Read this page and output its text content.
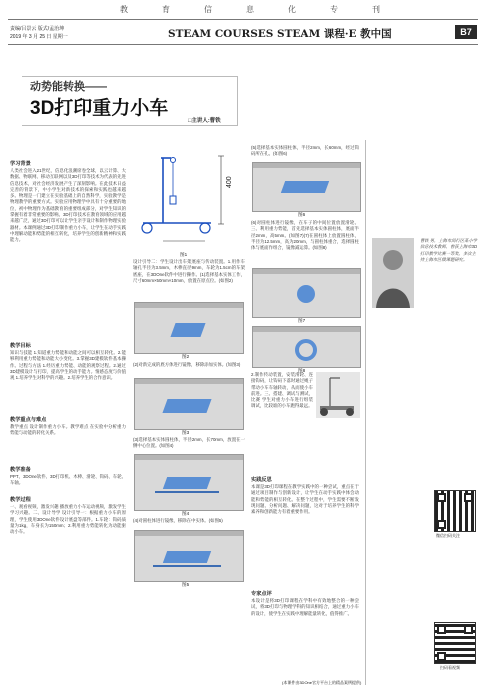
教	育	信	息	化	专	刊
责编/吕景云 版式/孟治坤
2019 年 3 月 25 日 星期一	STEAM COURSES STEAM 课程·E 教中国	B7
动势能转换——
3D打印重力小车
□主讲人:曹铁
学习背景
人类社会进入21世纪，信息化浪潮席卷全球，以云计算、大数据、物联网、移动互联网以及3D打印等技术为代表的先进信息技术，对社会经济发展产生了深刻影响。在此技术日益完善的背景下，中小学生对新技术的探索和实践也越来越多。物理是一门建立在实验基础上的自然科学，实验教学是物理教学的重要方式。实验应用物理学中具有十分重要的地位，初中物理作为基础教育的重要组成部分，对学生知识的掌握有着非常重要的影响。3D打印技术在教育领域的应用越来越广泛，通过3D打印可以让学生亲手设计和制作物理实验器材。本课例通过3D打印制作重力小车，让学生在动手实践中理解动能和势能的相互转化，培养学生的创新精神和实践能力。
教学目标
知识与技能 1.知道重力势能和动能之间可以相互转化。2.能够利用重力势能和动能大小变化。3.掌握3D建模软件基本操作。过程与方法 1.经历重力势能、动能的观察过程。2.通过3D建模设计与打印，提高学生的动手能力。情感态度与价值观 1.培养学生对科学的兴趣。2.培养学生的合作意识。
教学重点与难点
教学重点 设计制作重力小车。教学难点 在实验中分析重力势能与动能的转化关系。
教学准备
PPT、3DOne软件、3D打印机、木棒、滑轮、钩码、车轮、车轴。
教学过程
一、观看视频，激发兴趣 播放重力小车运动视频，激发学生学习兴趣。二、设计导学 设计引导一：根据重力小车的原理，学生使用3DOne软件设计底盘等部件。1.车轮：钩码质量为1kg，车身长为150mm；2.利用重力势能转化为动能驱动小车。
400
图1
设计引导二：学生设计出车架底座与传动装置。1.用作车轴孔半径为3.5mm，木棒直径9mm，车轮为1.5cm的车架底座，在3DOne软件中进行操作。(1)选择基本实体工作，尺寸60mm×50mm×10mm，放置在原点位。(如图2)
图2
(2)对新完成的底方体进行镜像，移除添加实体。(如图3)
图3
(3)选择基本实体圆柱体，半径2mm，长70mm，放置在一侧中心位置。(如图4)
图4
(4)对圆柱体进行镜像，移除在中实体。(如图5)
图5
(5)选择基本实体圆柱体，半径2mm，长60mm，经过钩码所在孔。(如图6)
图6
(6)对圆柱体进行镜像，在车子的中间位置放置滑轮。三、利用重力势能，首先选择基本实体圆柱体，底面半径2mm，高5mm。(如图7)(7)在圆柱体上放置圆柱体，半径为12.5mm，高为20mm，与圆柱体重合，选择圆柱体与底面作组合，镜像减运算。(如图8)
图7
图8
2.制作传动装置，安装滑轮、连接钩码，让钩码下落时通过绳子带动小车车轴转动，从而使小车前进。三、搭建、调试与测试，比赛 学生对重力小车进行组装调试，比较谁的小车跑得最远。
实践反思
本课是3D打印课程在教学实践中的一种尝试，重点在于通过项目制作与创新设计，让学生在动手实践中体会动能和势能的相互转化。在整个过程中，学生需要不断发现问题、分析问题、解决问题，这对于培养学生的科学素养和创新能力有着重要作用。
专家点评
本设计是将3D打印课程在学科中有效地整合的一种尝试，将3D打印与物理学科的知识相结合，通过重力小车的设计，使学生在实践中理解能量转化，值得推广。
(本课件由3DOne官方平台上的精品案例提供)
曹铁 男，上海市闵行区某小学信息技术教师，曾获上海市3D打印教学比赛一等奖，多次主持上海市区级课题研究。
微信扫码关注
扫码看视频
